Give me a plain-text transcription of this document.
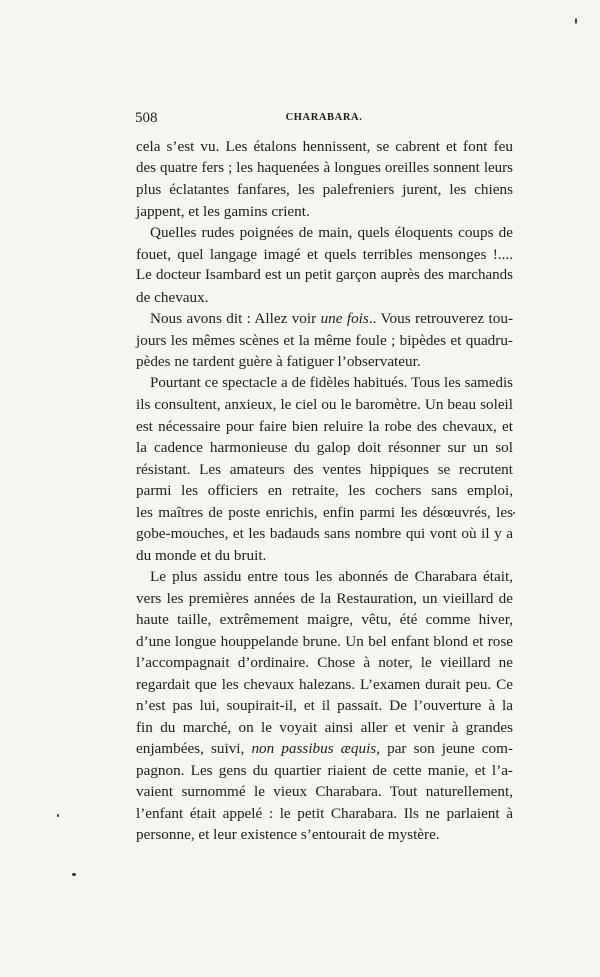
508	CHARABARA.
cela s’est vu. Les étalons hennissent, se cabrent et font feu
des quatre fers ; les haquenées à longues oreilles sonnent leurs
plus éclatantes fanfares, les palefreniers jurent, les chiens
jappent, et les gamins crient.
Quelles rudes poignées de main, quels éloquents coups de
fouet, quel langage imagé et quels terribles mensonges !....
Le docteur Isambard est un petit garçon auprès des marchands
de chevaux.
Nous avons dit : Allez voir une fois.. Vous retrouverez tou-
jours les mêmes scènes et la même foule ; bipèdes et quadru-
pèdes ne tardent guère à fatiguer l’observateur.
Pourtant ce spectacle a de fidèles habitués. Tous les samedis
ils consultent, anxieux, le ciel ou le baromètre. Un beau soleil
est nécessaire pour faire bien reluire la robe des chevaux, et
la cadence harmonieuse du galop doit résonner sur un sol
résistant. Les amateurs des ventes hippiques se recrutent
parmi les officiers en retraite, les cochers sans emploi,
les maîtres de poste enrichis, enfin parmi les désœuvrés, les
gobe-mouches, et les badauds sans nombre qui vont où il y a
du monde et du bruit.
Le plus assidu entre tous les abonnés de Charabara était,
vers les premières années de la Restauration, un vieillard de
haute taille, extrêmement maigre, vêtu, été comme hiver,
d’une longue houppelande brune. Un bel enfant blond et rose
l’accompagnait d’ordinaire. Chose à noter, le vieillard ne
regardait que les chevaux halezans. L’examen durait peu. Ce
n’est pas lui, soupirait-il, et il passait. De l’ouverture à la
fin du marché, on le voyait ainsi aller et venir à grandes
enjambées, suivi, non passibus æquis, par son jeune com-
pagnon. Les gens du quartier riaient de cette manie, et l’a-
vaient surnommé le vieux Charabara. Tout naturellement,
l’enfant était appelé : le petit Charabara. Ils ne parlaient à
personne, et leur existence s’entourait de mystère.
